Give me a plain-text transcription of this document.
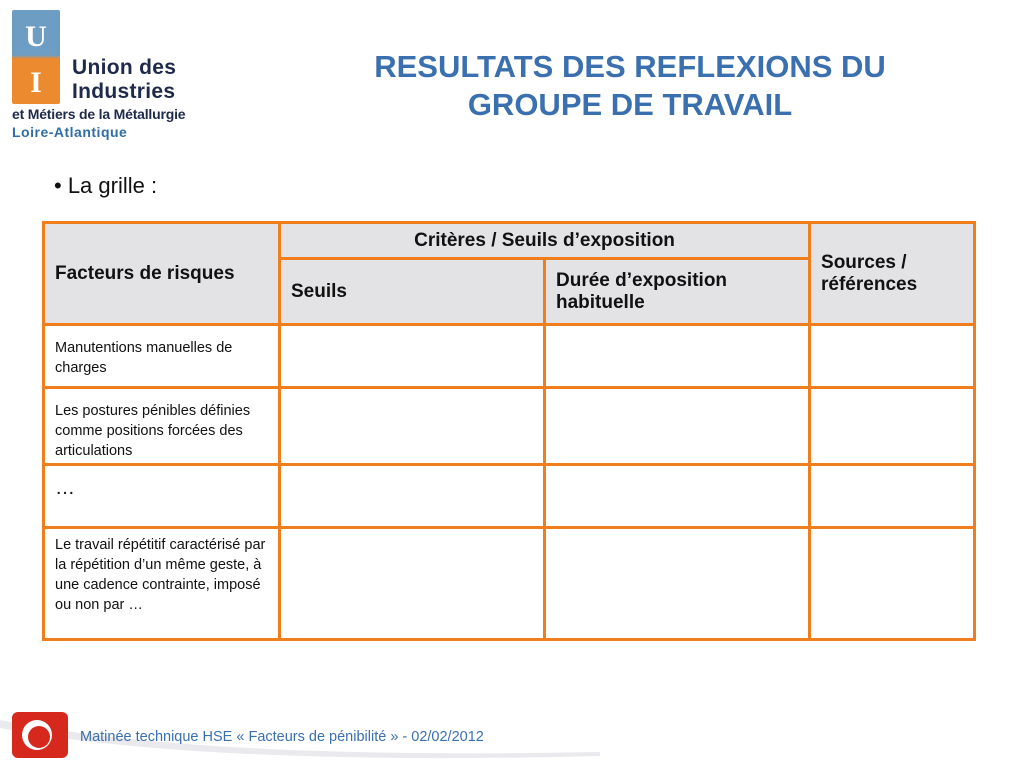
U
I	Union des
Industries
et Métiers de la Métallurgie
Loire-Atlantique
RESULTATS DES REFLEXIONS DU
GROUPE DE TRAVAIL
• La grille :
Facteurs de risques	Critères / Seuils d’exposition		Sources / références
	Seuils	Durée d’exposition habituelle	
Manutentions manuelles de charges			
Les postures pénibles définies comme positions forcées des articulations			
…			
Le travail répétitif caractérisé par la répétition d’un même geste, à une cadence contrainte, imposé ou non par …			
Matinée technique HSE « Facteurs de pénibilité » - 02/02/2012
